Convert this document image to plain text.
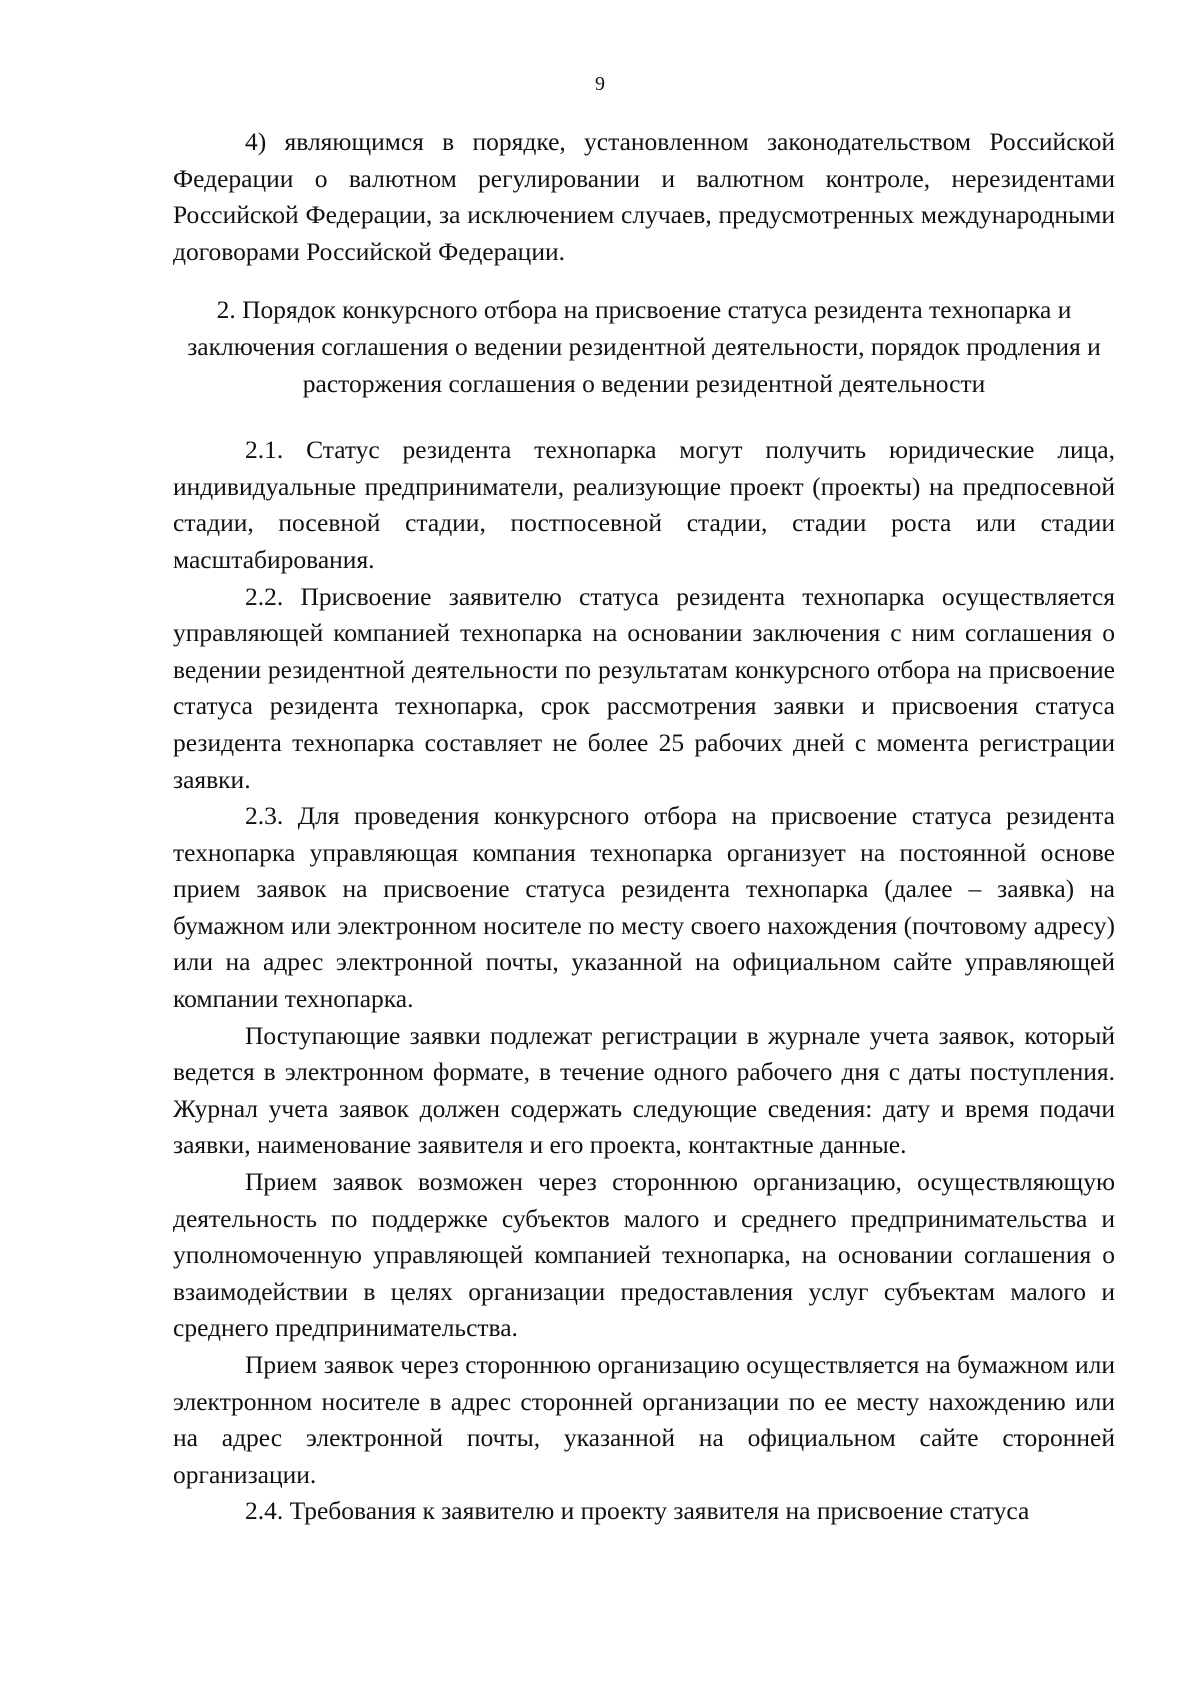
9

4) являющимся в порядке, установленном законодательством Российской Федерации о валютном регулировании и валютном контроле, нерезидентами Российской Федерации, за исключением случаев, предусмотренных международными договорами Российской Федерации.

2. Порядок конкурсного отбора на присвоение статуса резидента технопарка и заключения соглашения о ведении резидентной деятельности, порядок продления и расторжения соглашения о ведении резидентной деятельности

2.1. Статус резидента технопарка могут получить юридические лица, индивидуальные предприниматели, реализующие проект (проекты) на предпосевной стадии, посевной стадии, постпосевной стадии, стадии роста или стадии масштабирования.

2.2. Присвоение заявителю статуса резидента технопарка осуществляется управляющей компанией технопарка на основании заключения с ним соглашения о ведении резидентной деятельности по результатам конкурсного отбора на присвоение статуса резидента технопарка, срок рассмотрения заявки и присвоения статуса резидента технопарка составляет не более 25 рабочих дней с момента регистрации заявки.

2.3. Для проведения конкурсного отбора на присвоение статуса резидента технопарка управляющая компания технопарка организует на постоянной основе прием заявок на присвоение статуса резидента технопарка (далее – заявка) на бумажном или электронном носителе по месту своего нахождения (почтовому адресу) или на адрес электронной почты, указанной на официальном сайте управляющей компании технопарка.

Поступающие заявки подлежат регистрации в журнале учета заявок, который ведется в электронном формате, в течение одного рабочего дня с даты поступления. Журнал учета заявок должен содержать следующие сведения: дату и время подачи заявки, наименование заявителя и его проекта, контактные данные.

Прием заявок возможен через стороннюю организацию, осуществляющую деятельность по поддержке субъектов малого и среднего предпринимательства и уполномоченную управляющей компанией технопарка, на основании соглашения о взаимодействии в целях организации предоставления услуг субъектам малого и среднего предпринимательства.

Прием заявок через стороннюю организацию осуществляется на бумажном или электронном носителе в адрес сторонней организации по ее месту нахождению или на адрес электронной почты, указанной на официальном сайте сторонней организации.

2.4. Требования к заявителю и проекту заявителя на присвоение статуса
